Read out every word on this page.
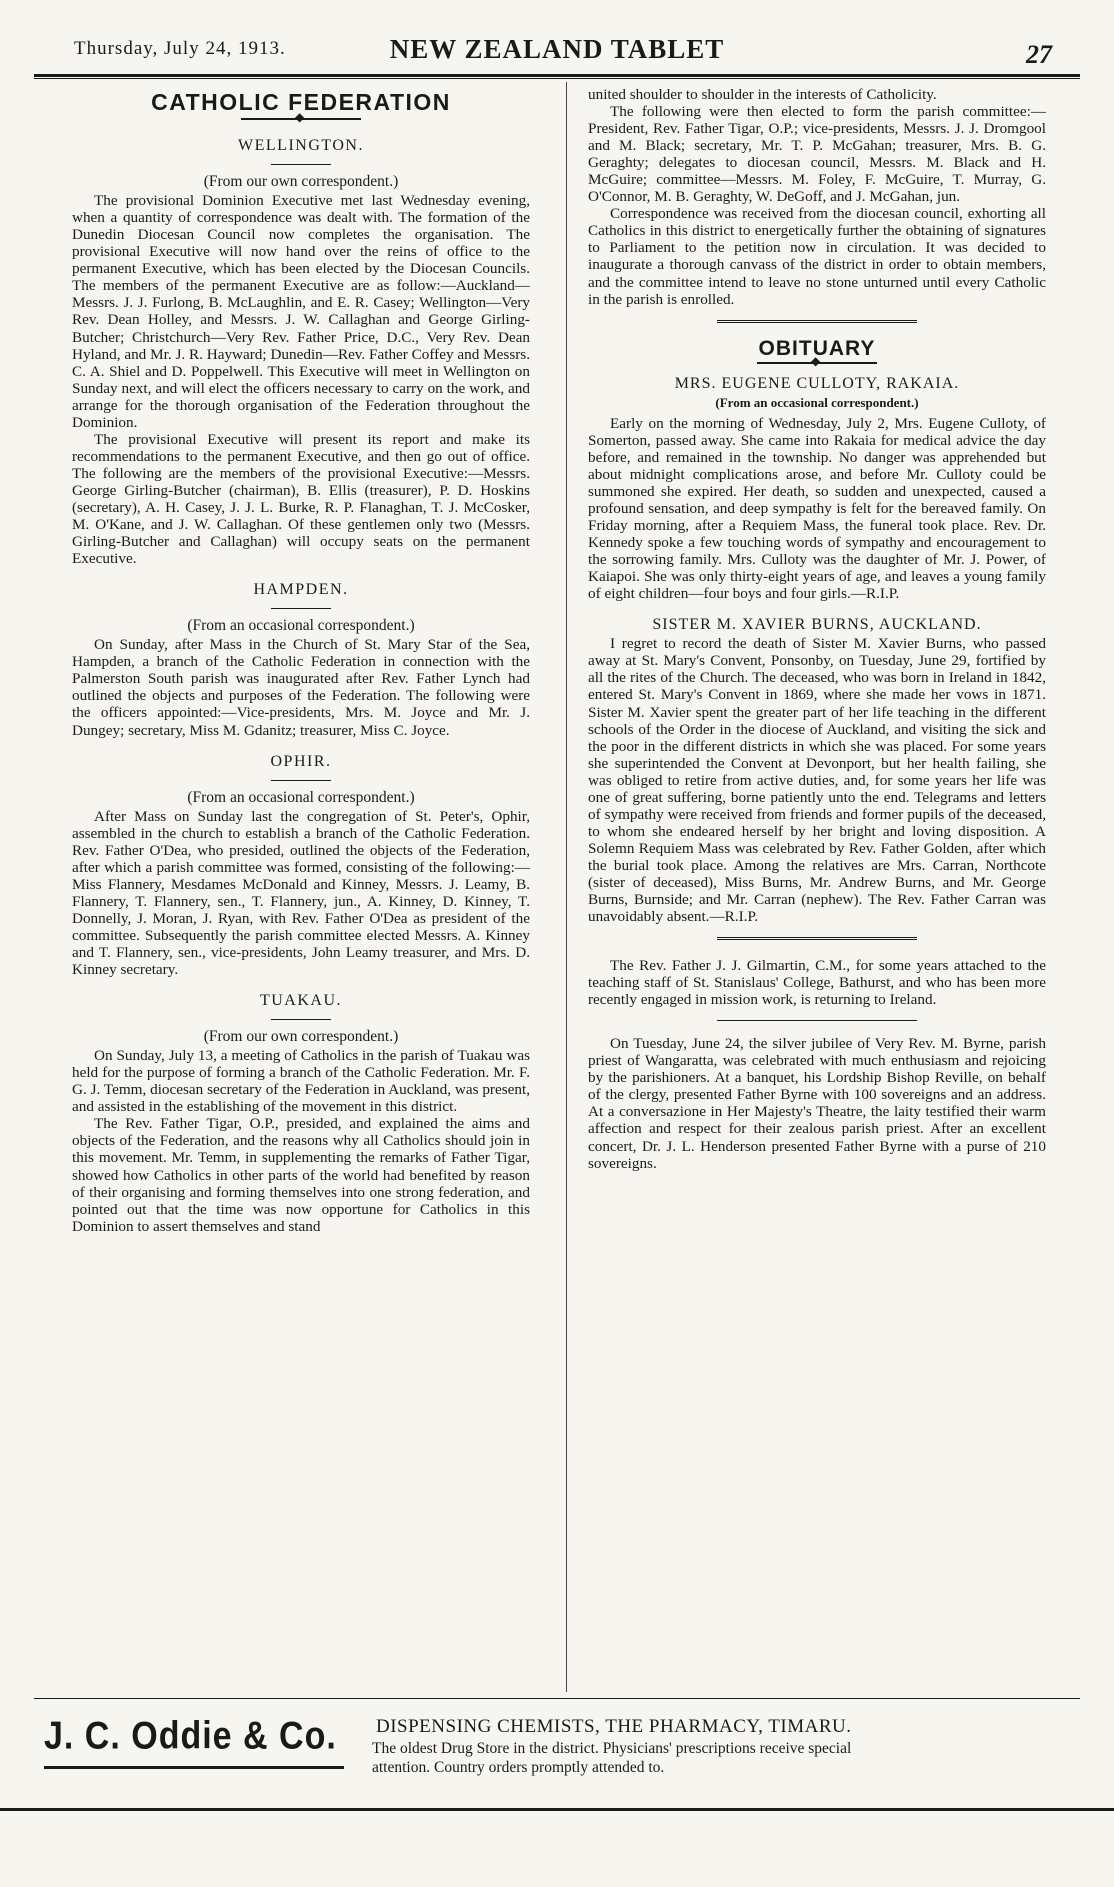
Thursday, July 24, 1913.	NEW ZEALAND TABLET	27
CATHOLIC FEDERATION
◆
WELLINGTON.
(From our own correspondent.)

The provisional Dominion Executive met last Wednesday evening, when a quantity of correspondence was dealt with. The formation of the Dunedin Diocesan Council now completes the organisation. The provisional Executive will now hand over the reins of office to the permanent Executive, which has been elected by the Diocesan Councils. The members of the permanent Executive are as follow:—Auckland—Messrs. J. J. Furlong, B. McLaughlin, and E. R. Casey; Wellington—Very Rev. Dean Holley, and Messrs. J. W. Callaghan and George Girling-Butcher; Christchurch—Very Rev. Father Price, D.C., Very Rev. Dean Hyland, and Mr. J. R. Hayward; Dunedin—Rev. Father Coffey and Messrs. C. A. Shiel and D. Poppelwell. This Executive will meet in Wellington on Sunday next, and will elect the officers necessary to carry on the work, and arrange for the thorough organisation of the Federation throughout the Dominion.

The provisional Executive will present its report and make its recommendations to the permanent Executive, and then go out of office. The following are the members of the provisional Executive:—Messrs. George Girling-Butcher (chairman), B. Ellis (treasurer), P. D. Hoskins (secretary), A. H. Casey, J. J. L. Burke, R. P. Flanaghan, T. J. McCosker, M. O'Kane, and J. W. Callaghan. Of these gentlemen only two (Messrs. Girling-Butcher and Callaghan) will occupy seats on the permanent Executive.

HAMPDEN.
(From an occasional correspondent.)

On Sunday, after Mass in the Church of St. Mary Star of the Sea, Hampden, a branch of the Catholic Federation in connection with the Palmerston South parish was inaugurated after Rev. Father Lynch had outlined the objects and purposes of the Federation. The following were the officers appointed:—Vice-presidents, Mrs. M. Joyce and Mr. J. Dungey; secretary, Miss M. Gdanitz; treasurer, Miss C. Joyce.

OPHIR.
(From an occasional correspondent.)

After Mass on Sunday last the congregation of St. Peter's, Ophir, assembled in the church to establish a branch of the Catholic Federation. Rev. Father O'Dea, who presided, outlined the objects of the Federation, after which a parish committee was formed, consisting of the following:—Miss Flannery, Mesdames McDonald and Kinney, Messrs. J. Leamy, B. Flannery, T. Flannery, sen., T. Flannery, jun., A. Kinney, D. Kinney, T. Donnelly, J. Moran, J. Ryan, with Rev. Father O'Dea as president of the committee. Subsequently the parish committee elected Messrs. A. Kinney and T. Flannery, sen., vice-presidents, John Leamy treasurer, and Mrs. D. Kinney secretary.

TUAKAU.
(From our own correspondent.)

On Sunday, July 13, a meeting of Catholics in the parish of Tuakau was held for the purpose of forming a branch of the Catholic Federation. Mr. F. G. J. Temm, diocesan secretary of the Federation in Auckland, was present, and assisted in the establishing of the movement in this district.

The Rev. Father Tigar, O.P., presided, and explained the aims and objects of the Federation, and the reasons why all Catholics should join in this movement. Mr. Temm, in supplementing the remarks of Father Tigar, showed how Catholics in other parts of the world had benefited by reason of their organising and forming themselves into one strong federation, and pointed out that the time was now opportune for Catholics in this Dominion to assert themselves and stand

united shoulder to shoulder in the interests of Catholicity.

The following were then elected to form the parish committee:—President, Rev. Father Tigar, O.P.; vice-presidents, Messrs. J. J. Dromgool and M. Black; secretary, Mr. T. P. McGahan; treasurer, Mrs. B. G. Geraghty; delegates to diocesan council, Messrs. M. Black and H. McGuire; committee—Messrs. M. Foley, F. McGuire, T. Murray, G. O'Connor, M. B. Geraghty, W. DeGoff, and J. McGahan, jun.

Correspondence was received from the diocesan council, exhorting all Catholics in this district to energetically further the obtaining of signatures to Parliament to the petition now in circulation. It was decided to inaugurate a thorough canvass of the district in order to obtain members, and the committee intend to leave no stone unturned until every Catholic in the parish is enrolled.

OBITUARY
◆
MRS. EUGENE CULLOTY, RAKAIA.
(From an occasional correspondent.)

Early on the morning of Wednesday, July 2, Mrs. Eugene Culloty, of Somerton, passed away. She came into Rakaia for medical advice the day before, and remained in the township. No danger was apprehended but about midnight complications arose, and before Mr. Culloty could be summoned she expired. Her death, so sudden and unexpected, caused a profound sensation, and deep sympathy is felt for the bereaved family. On Friday morning, after a Requiem Mass, the funeral took place. Rev. Dr. Kennedy spoke a few touching words of sympathy and encouragement to the sorrowing family. Mrs. Culloty was the daughter of Mr. J. Power, of Kaiapoi. She was only thirty-eight years of age, and leaves a young family of eight children—four boys and four girls.—R.I.P.

SISTER M. XAVIER BURNS, AUCKLAND.

I regret to record the death of Sister M. Xavier Burns, who passed away at St. Mary's Convent, Ponsonby, on Tuesday, June 29, fortified by all the rites of the Church. The deceased, who was born in Ireland in 1842, entered St. Mary's Convent in 1869, where she made her vows in 1871. Sister M. Xavier spent the greater part of her life teaching in the different schools of the Order in the diocese of Auckland, and visiting the sick and the poor in the different districts in which she was placed. For some years she superintended the Convent at Devonport, but her health failing, she was obliged to retire from active duties, and, for some years her life was one of great suffering, borne patiently unto the end. Telegrams and letters of sympathy were received from friends and former pupils of the deceased, to whom she endeared herself by her bright and loving disposition. A Solemn Requiem Mass was celebrated by Rev. Father Golden, after which the burial took place. Among the relatives are Mrs. Carran, Northcote (sister of deceased), Miss Burns, Mr. Andrew Burns, and Mr. George Burns, Burnside; and Mr. Carran (nephew). The Rev. Father Carran was unavoidably absent.—R.I.P.

The Rev. Father J. J. Gilmartin, C.M., for some years attached to the teaching staff of St. Stanislaus' College, Bathurst, and who has been more recently engaged in mission work, is returning to Ireland.

On Tuesday, June 24, the silver jubilee of Very Rev. M. Byrne, parish priest of Wangaratta, was celebrated with much enthusiasm and rejoicing by the parishioners. At a banquet, his Lordship Bishop Reville, on behalf of the clergy, presented Father Byrne with 100 sovereigns and an address. At a conversazione in Her Majesty's Theatre, the laity testified their warm affection and respect for their zealous parish priest. After an excellent concert, Dr. J. L. Henderson presented Father Byrne with a purse of 210 sovereigns.

J. C. Oddie & Co. DISPENSING CHEMISTS, THE PHARMACY, TIMARU.
The oldest Drug Store in the district. Physicians' prescriptions receive special
attention. Country orders promptly attended to.
